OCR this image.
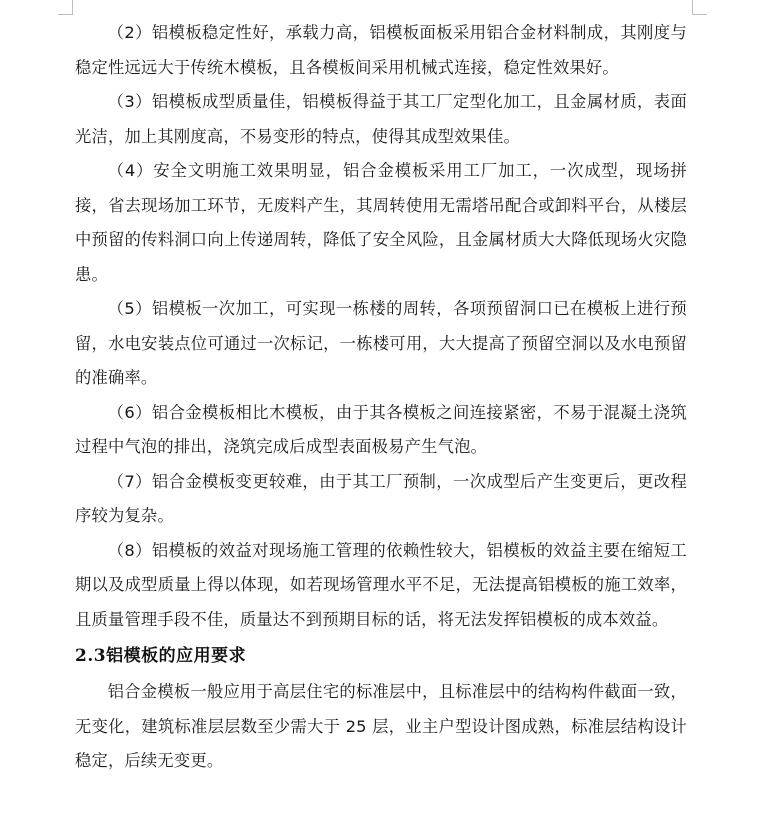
（2）铝模板稳定性好，承载力高，铝模板面板采用铝合金材料制成，其刚度与稳定性远远大于传统木模板，且各模板间采用机械式连接，稳定性效果好。

（3）铝模板成型质量佳，铝模板得益于其工厂定型化加工，且金属材质，表面光洁，加上其刚度高，不易变形的特点，使得其成型效果佳。

（4）安全文明施工效果明显，铝合金模板采用工厂加工，一次成型，现场拼接，省去现场加工环节，无废料产生，其周转使用无需塔吊配合或卸料平台，从楼层中预留的传料洞口向上传递周转，降低了安全风险，且金属材质大大降低现场火灾隐患。

（5）铝模板一次加工，可实现一栋楼的周转，各项预留洞口已在模板上进行预留，水电安装点位可通过一次标记，一栋楼可用，大大提高了预留空洞以及水电预留的准确率。

（6）铝合金模板相比木模板，由于其各模板之间连接紧密，不易于混凝土浇筑过程中气泡的排出，浇筑完成后成型表面极易产生气泡。

（7）铝合金模板变更较难，由于其工厂预制，一次成型后产生变更后，更改程序较为复杂。

（8）铝模板的效益对现场施工管理的依赖性较大，铝模板的效益主要在缩短工期以及成型质量上得以体现，如若现场管理水平不足，无法提高铝模板的施工效率，且质量管理手段不佳，质量达不到预期目标的话，将无法发挥铝模板的成本效益。

2.3铝模板的应用要求

铝合金模板一般应用于高层住宅的标准层中，且标准层中的结构构件截面一致，无变化，建筑标准层层数至少需大于 25 层，业主户型设计图成熟，标准层结构设计稳定，后续无变更。
